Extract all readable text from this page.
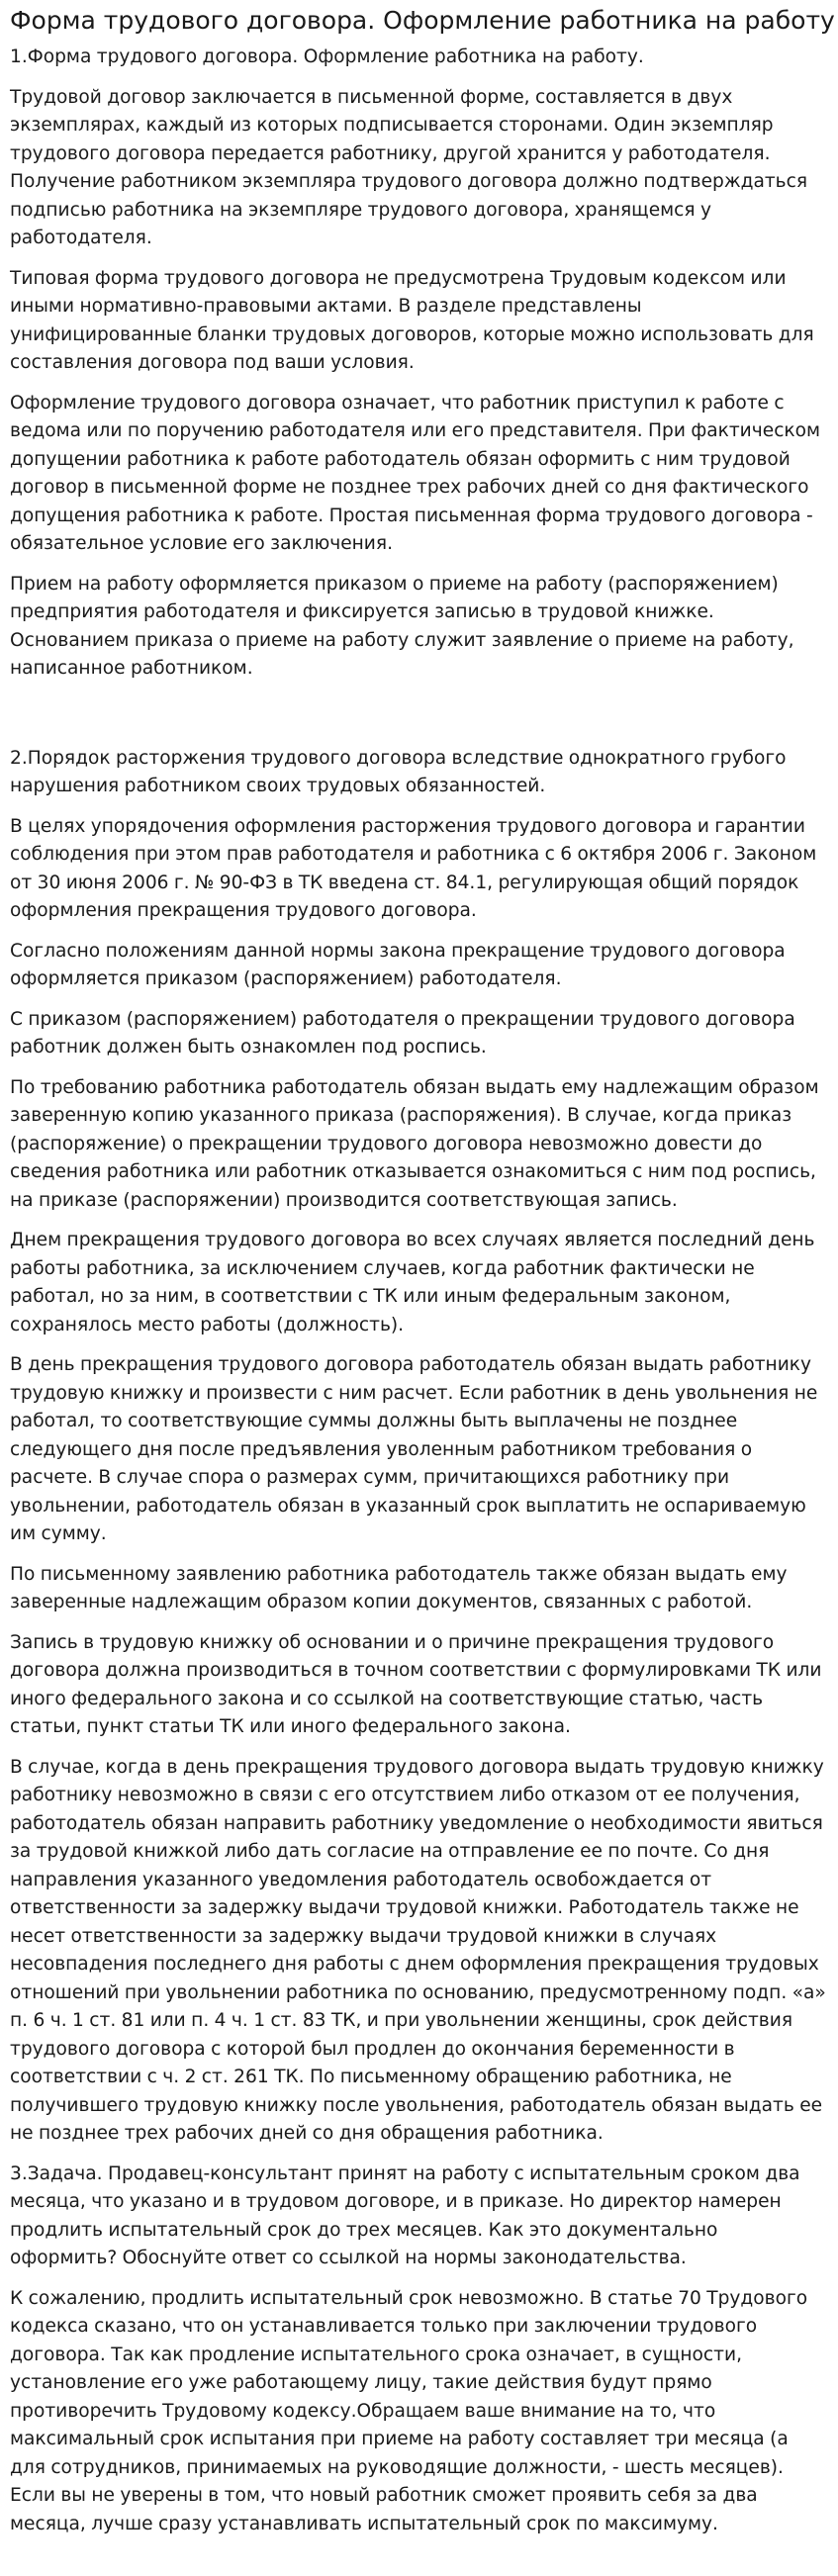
Форма трудового договора. Оформление работника на работу

1.Форма трудового договора. Оформление работника на работу.

Трудовой договор заключается в письменной форме, составляется в двух экземплярах, каждый из которых подписывается сторонами. Один экземпляр трудового договора передается работнику, другой хранится у работодателя. Получение работником экземпляра трудового договора должно подтверждаться подписью работника на экземпляре трудового договора, хранящемся у работодателя.

Типовая форма трудового договора не предусмотрена Трудовым кодексом или иными нормативно-правовыми актами. В разделе представлены унифицированные бланки трудовых договоров, которые можно использовать для составления договора под ваши условия.

Оформление трудового договора означает, что работник приступил к работе с ведома или по поручению работодателя или его представителя. При фактическом допущении работника к работе работодатель обязан оформить с ним трудовой договор в письменной форме не позднее трех рабочих дней со дня фактического допущения работника к работе. Простая письменная форма трудового договора - обязательное условие его заключения.

Прием на работу оформляется приказом о приеме на работу (распоряжением) предприятия работодателя и фиксируется записью в трудовой книжке. Основанием приказа о приеме на работу служит заявление о приеме на работу, написанное работником.

2.Порядок расторжения трудового договора вследствие однократного грубого нарушения работником своих трудовых обязанностей.

В целях упорядочения оформления расторжения трудового договора и гарантии соблюдения при этом прав работодателя и работника с 6 октября 2006 г. Законом от 30 июня 2006 г. № 90-ФЗ в ТК введена ст. 84.1, регулирующая общий порядок оформления прекращения трудового договора.

Согласно положениям данной нормы закона прекращение трудового договора оформляется приказом (распоряжением) работодателя.

С приказом (распоряжением) работодателя о прекращении трудового договора работник должен быть ознакомлен под роспись.

По требованию работника работодатель обязан выдать ему надлежащим образом заверенную копию указанного приказа (распоряжения). В случае, когда приказ (распоряжение) о прекращении трудового договора невозможно довести до сведения работника или работник отказывается ознакомиться с ним под роспись, на приказе (распоряжении) производится соответствующая запись.

Днем прекращения трудового договора во всех случаях является последний день работы работника, за исключением случаев, когда работник фактически не работал, но за ним, в соответствии с ТК или иным федеральным законом, сохранялось место работы (должность).

В день прекращения трудового договора работодатель обязан выдать работнику трудовую книжку и произвести с ним расчет. Если работник в день увольнения не работал, то соответствующие суммы должны быть выплачены не позднее следующего дня после предъявления уволенным работником требования о расчете. В случае спора о размерах сумм, причитающихся работнику при увольнении, работодатель обязан в указанный срок выплатить не оспариваемую им сумму.

По письменному заявлению работника работодатель также обязан выдать ему заверенные надлежащим образом копии документов, связанных с работой.

Запись в трудовую книжку об основании и о причине прекращения трудового договора должна производиться в точном соответствии с формулировками ТК или иного федерального закона и со ссылкой на соответствующие статью, часть статьи, пункт статьи ТК или иного федерального закона.

В случае, когда в день прекращения трудового договора выдать трудовую книжку работнику невозможно в связи с его отсутствием либо отказом от ее получения, работодатель обязан направить работнику уведомление о необходимости явиться за трудовой книжкой либо дать согласие на отправление ее по почте. Со дня направления указанного уведомления работодатель освобождается от ответственности за задержку выдачи трудовой книжки. Работодатель также не несет ответственности за задержку выдачи трудовой книжки в случаях несовпадения последнего дня работы с днем оформления прекращения трудовых отношений при увольнении работника по основанию, предусмотренному подп. «а» п. 6 ч. 1 ст. 81 или п. 4 ч. 1 ст. 83 ТК, и при увольнении женщины, срок действия трудового договора с которой был продлен до окончания беременности в соответствии с ч. 2 ст. 261 ТК. По письменному обращению работника, не получившего трудовую книжку после увольнения, работодатель обязан выдать ее не позднее трех рабочих дней со дня обращения работника.

3.Задача. Продавец-консультант принят на работу с испытательным сроком два месяца, что указано и в трудовом договоре, и в приказе. Но директор намерен продлить испытательный срок до трех месяцев. Как это документально оформить? Обоснуйте ответ со ссылкой на нормы законодательства.

К сожалению, продлить испытательный срок невозможно. В статье 70 Трудового кодекса сказано, что он устанавливается только при заключении трудового договора. Так как продление испытательного срока означает, в сущности, установление его уже работающему лицу, такие действия будут прямо противоречить Трудовому кодексу.Обращаем ваше внимание на то, что максимальный срок испытания при приеме на работу составляет три месяца (а для сотрудников, принимаемых на руководящие должности, - шесть месяцев). Если вы не уверены в том, что новый работник сможет проявить себя за два месяца, лучше сразу устанавливать испытательный срок по максимуму.
